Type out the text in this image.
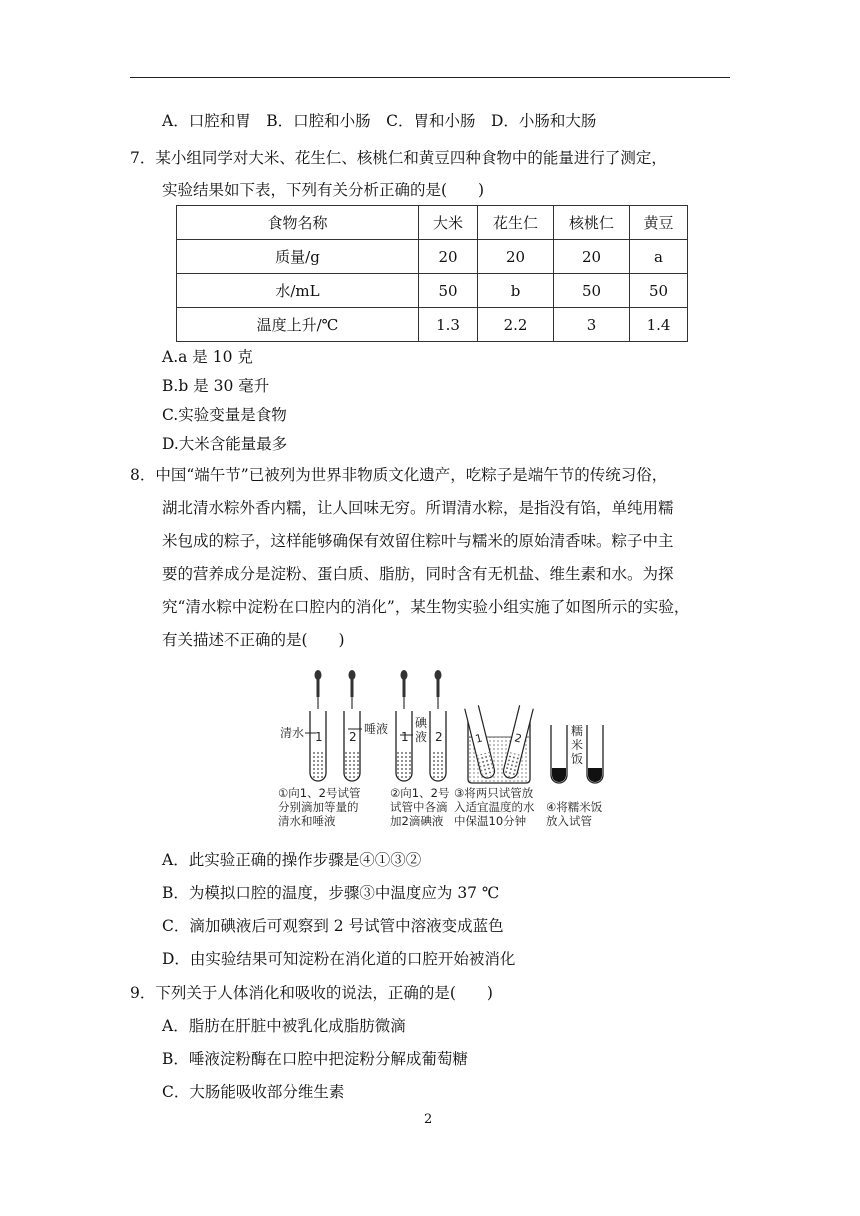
A．口腔和胃　B．口腔和小肠　C．胃和小肠　D．小肠和大肠
7．某小组同学对大米、花生仁、核桃仁和黄豆四种食物中的能量进行了测定，
实验结果如下表，下列有关分析正确的是(　　)
食物名称	大米	花生仁	核桃仁	黄豆
质量/g	20	20	20	a
水/mL	50	b	50	50
温度上升/℃	1.3	2.2	3	1.4
A.a 是 10 克
B.b 是 30 毫升
C.实验变量是食物
D.大米含能量最多
8．中国“端午节”已被列为世界非物质文化遗产，吃粽子是端午节的传统习俗，
湖北清水粽外香内糯，让人回味无穷。所谓清水粽，是指没有馅，单纯用糯
米包成的粽子，这样能够确保有效留住粽叶与糯米的原始清香味。粽子中主
要的营养成分是淀粉、蛋白质、脂肪，同时含有无机盐、维生素和水。为探
究“清水粽中淀粉在口腔内的消化”，某生物实验小组实施了如图所示的实验，
有关描述不正确的是(　　)
1 2
清水	唾液
1 2
碘
液	1	2
糯
米
饭
①向1、2号试管
分别滴加等量的
清水和唾液
②向1、2号
试管中各滴
加2滴碘液
③将两只试管放
入适宜温度的水
中保温10分钟
④将糯米饭
放入试管
A．此实验正确的操作步骤是④①③②
B．为模拟口腔的温度，步骤③中温度应为 37 ℃
C．滴加碘液后可观察到 2 号试管中溶液变成蓝色
D．由实验结果可知淀粉在消化道的口腔开始被消化
9．下列关于人体消化和吸收的说法，正确的是(　　)
A．脂肪在肝脏中被乳化成脂肪微滴
B．唾液淀粉酶在口腔中把淀粉分解成葡萄糖
C．大肠能吸收部分维生素
2
